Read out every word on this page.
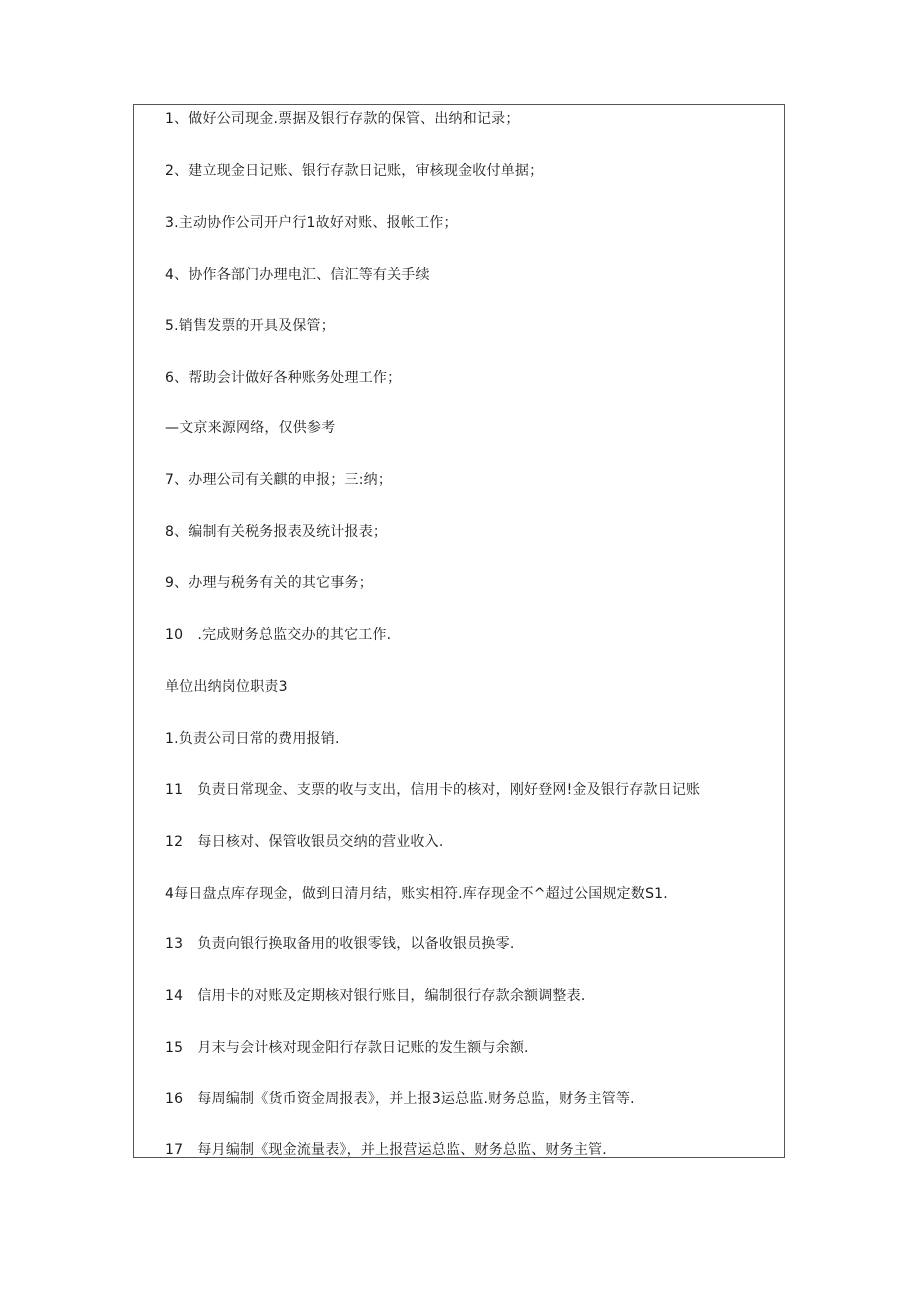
1、做好公司现金.票据及银行存款的保管、出纳和记录；
2、建立现金日记账、银行存款日记账，审核现金收付单据；
3.主动协作公司开户行1故好对账、报帐工作；
4、协作各部门办理电汇、信汇等有关手续
5.销售发票的开具及保管；
6、帮助会计做好各种账务处理工作；
—文京来源网络，仅供参考
7、办理公司有关麒的申报；三:纳；
8、编制有关税务报表及统计报表；
9、办理与税务有关的其它事务；
10　.完成财务总监交办的其它工作.
单位出纳岗位职责3
1.负责公司日常的费用报销.
11　负责日常现金、支票的收与支出，信用卡的核对，刚好登网!金及银行存款日记账
12　每日核对、保管收银员交纳的营业收入.
4每日盘点库存现金，做到日清月结，账实相符.库存现金不^超过公国规定数S1.
13　负责向银行换取备用的收银零钱，以备收银员换零.
14　信用卡的对账及定期核对银行账目，编制很行存款余额调整表.
15　月末与会计核对现金阳行存款日记账的发生额与余额.
16　每周编制《货币资金周报表》，并上报3运总监.财务总监，财务主管等.
17　每月编制《现金流量表》，并上报营运总监、财务总监、财务主管.
